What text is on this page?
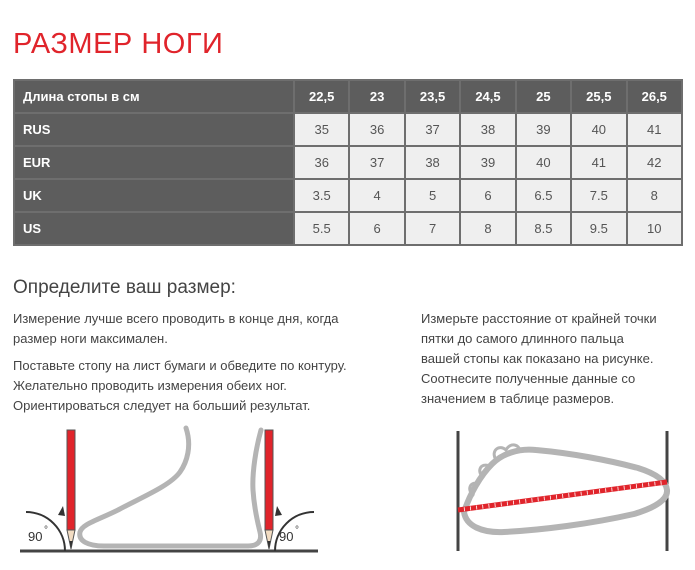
РАЗМЕР НОГИ
Длина стопы в см	22,5	23	23,5	24,5	25	25,5	26,5
RUS	35	36	37	38	39	40	41
EUR	36	37	38	39	40	41	42
UK	3.5	4	5	6	6.5	7.5	8
US	5.5	6	7	8	8.5	9.5	10
Определите ваш размер:
Измерение лучше всего проводить в конце дня, когда
размер ноги максимален.
Поставьте стопу на лист бумаги и обведите по контуру.
Желательно проводить измерения обеих ног.
Ориентироваться следует на больший результат.
Измерьте расстояние от крайней точки
пятки до самого длинного пальца
вашей стопы как показано на рисунке.
Соотнесите полученные данные со
значением в таблице размеров.
90 °	90 °
